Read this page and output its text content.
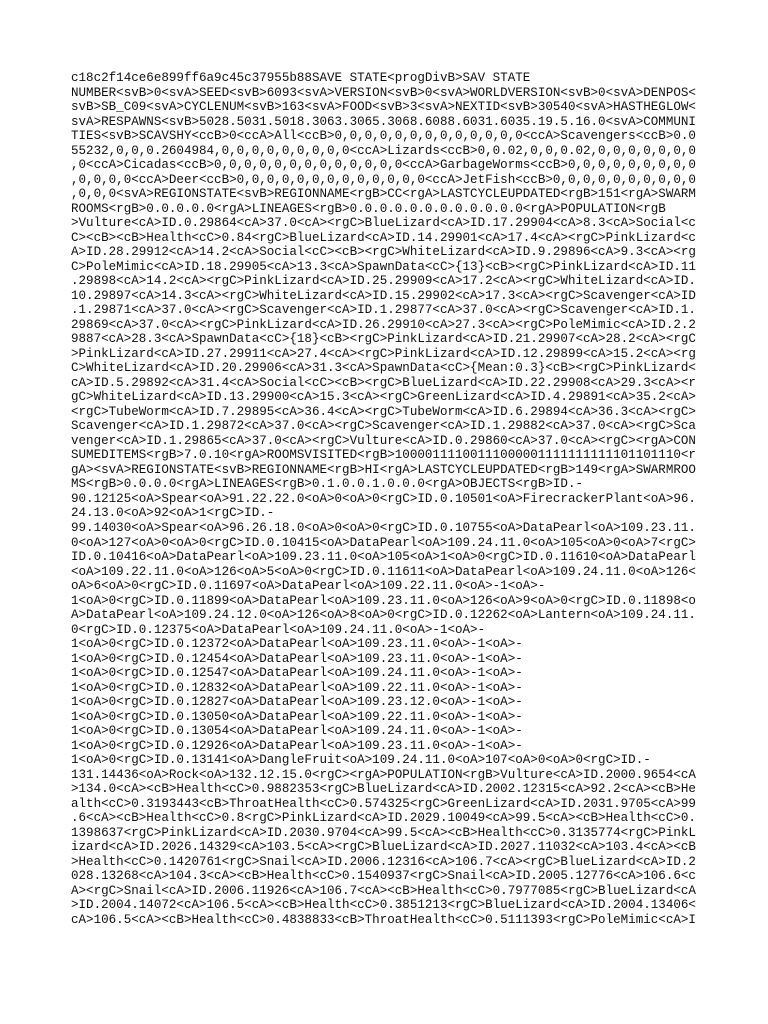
c18c2f14ce6e899ff6a9c45c37955b88SAVE STATE<progDivB>SAV STATE
NUMBER<svB>0<svA>SEED<svB>6093<svA>VERSION<svB>0<svA>WORLDVERSION<svB>0<svA>DENPOS<
svB>SB_C09<svA>CYCLENUM<svB>163<svA>FOOD<svB>3<svA>NEXTID<svB>30540<svA>HASTHEGLOW<
svA>RESPAWNS<svB>5028.5031.5018.3063.3065.3068.6088.6031.6035.19.5.16.0<svA>COMMUNI
TIES<svB>SCAVSHY<ccB>0<ccA>All<ccB>0,0,0,0,0,0,0,0,0,0,0,0,0<ccA>Scavengers<ccB>0.0
55232,0,0,0.2604984,0,0,0,0,0,0,0,0,0<ccA>Lizards<ccB>0,0.02,0,0,0.02,0,0,0,0,0,0,0
,0<ccA>Cicadas<ccB>0,0,0,0,0,0,0,0,0,0,0,0,0<ccA>GarbageWorms<ccB>0,0,0,0,0,0,0,0,0
,0,0,0,0<ccA>Deer<ccB>0,0,0,0,0,0,0,0,0,0,0,0,0<ccA>JetFish<ccB>0,0,0,0,0,0,0,0,0,0
,0,0,0<svA>REGIONSTATE<svB>REGIONNAME<rgB>CC<rgA>LASTCYCLEUPDATED<rgB>151<rgA>SWARM
ROOMS<rgB>0.0.0.0.0<rgA>LINEAGES<rgB>0.0.0.0.0.0.0.0.0.0.0.0<rgA>POPULATION<rgB
>Vulture<cA>ID.0.29864<cA>37.0<cA><rgC>BlueLizard<cA>ID.17.29904<cA>8.3<cA>Social<c
C><cB><cB>Health<cC>0.84<rgC>BlueLizard<cA>ID.14.29901<cA>17.4<cA><rgC>PinkLizard<c
A>ID.28.29912<cA>14.2<cA>Social<cC><cB><rgC>WhiteLizard<cA>ID.9.29896<cA>9.3<cA><rg
C>PoleMimic<cA>ID.18.29905<cA>13.3<cA>SpawnData<cC>{13}<cB><rgC>PinkLizard<cA>ID.11
.29898<cA>14.2<cA><rgC>PinkLizard<cA>ID.25.29909<cA>17.2<cA><rgC>WhiteLizard<cA>ID.
10.29897<cA>14.3<cA><rgC>WhiteLizard<cA>ID.15.29902<cA>17.3<cA><rgC>Scavenger<cA>ID
.1.29871<cA>37.0<cA><rgC>Scavenger<cA>ID.1.29877<cA>37.0<cA><rgC>Scavenger<cA>ID.1.
29869<cA>37.0<cA><rgC>PinkLizard<cA>ID.26.29910<cA>27.3<cA><rgC>PoleMimic<cA>ID.2.2
9887<cA>28.3<cA>SpawnData<cC>{18}<cB><rgC>PinkLizard<cA>ID.21.29907<cA>28.2<cA><rgC
>PinkLizard<cA>ID.27.29911<cA>27.4<cA><rgC>PinkLizard<cA>ID.12.29899<cA>15.2<cA><rg
C>WhiteLizard<cA>ID.20.29906<cA>31.3<cA>SpawnData<cC>{Mean:0.3}<cB><rgC>PinkLizard<
cA>ID.5.29892<cA>31.4<cA>Social<cC><cB><rgC>BlueLizard<cA>ID.22.29908<cA>29.3<cA><r
gC>WhiteLizard<cA>ID.13.29900<cA>15.3<cA><rgC>GreenLizard<cA>ID.4.29891<cA>35.2<cA>
<rgC>TubeWorm<cA>ID.7.29895<cA>36.4<cA><rgC>TubeWorm<cA>ID.6.29894<cA>36.3<cA><rgC>
Scavenger<cA>ID.1.29872<cA>37.0<cA><rgC>Scavenger<cA>ID.1.29882<cA>37.0<cA><rgC>Sca
venger<cA>ID.1.29865<cA>37.0<cA><rgC>Vulture<cA>ID.0.29860<cA>37.0<cA><rgC><rgA>CON
SUMEDITEMS<rgB>7.0.10<rgA>ROOMSVISITED<rgB>10000111100111000001111111111101101110<r
gA><svA>REGIONSTATE<svB>REGIONNAME<rgB>HI<rgA>LASTCYCLEUPDATED<rgB>149<rgA>SWARMROO
MS<rgB>0.0.0.0<rgA>LINEAGES<rgB>0.1.0.0.1.0.0.0<rgA>OBJECTS<rgB>ID.-
90.12125<oA>Spear<oA>91.22.22.0<oA>0<oA>0<rgC>ID.0.10501<oA>FirecrackerPlant<oA>96.
24.13.0<oA>92<oA>1<rgC>ID.-
99.14030<oA>Spear<oA>96.26.18.0<oA>0<oA>0<rgC>ID.0.10755<oA>DataPearl<oA>109.23.11.
0<oA>127<oA>0<oA>0<rgC>ID.0.10415<oA>DataPearl<oA>109.24.11.0<oA>105<oA>0<oA>7<rgC>
ID.0.10416<oA>DataPearl<oA>109.23.11.0<oA>105<oA>1<oA>0<rgC>ID.0.11610<oA>DataPearl
<oA>109.22.11.0<oA>126<oA>5<oA>0<rgC>ID.0.11611<oA>DataPearl<oA>109.24.11.0<oA>126<
oA>6<oA>0<rgC>ID.0.11697<oA>DataPearl<oA>109.22.11.0<oA>-1<oA>-
1<oA>0<rgC>ID.0.11899<oA>DataPearl<oA>109.23.11.0<oA>126<oA>9<oA>0<rgC>ID.0.11898<o
A>DataPearl<oA>109.24.12.0<oA>126<oA>8<oA>0<rgC>ID.0.12262<oA>Lantern<oA>109.24.11.
0<rgC>ID.0.12375<oA>DataPearl<oA>109.24.11.0<oA>-1<oA>-
1<oA>0<rgC>ID.0.12372<oA>DataPearl<oA>109.23.11.0<oA>-1<oA>-
1<oA>0<rgC>ID.0.12454<oA>DataPearl<oA>109.23.11.0<oA>-1<oA>-
1<oA>0<rgC>ID.0.12547<oA>DataPearl<oA>109.24.11.0<oA>-1<oA>-
1<oA>0<rgC>ID.0.12832<oA>DataPearl<oA>109.22.11.0<oA>-1<oA>-
1<oA>0<rgC>ID.0.12827<oA>DataPearl<oA>109.23.12.0<oA>-1<oA>-
1<oA>0<rgC>ID.0.13050<oA>DataPearl<oA>109.22.11.0<oA>-1<oA>-
1<oA>0<rgC>ID.0.13054<oA>DataPearl<oA>109.24.11.0<oA>-1<oA>-
1<oA>0<rgC>ID.0.12926<oA>DataPearl<oA>109.23.11.0<oA>-1<oA>-
1<oA>0<rgC>ID.0.13141<oA>DangleFruit<oA>109.24.11.0<oA>107<oA>0<oA>0<rgC>ID.-
131.14436<oA>Rock<oA>132.12.15.0<rgC><rgA>POPULATION<rgB>Vulture<cA>ID.2000.9654<cA
>134.0<cA><cB>Health<cC>0.9882353<rgC>BlueLizard<cA>ID.2002.12315<cA>92.2<cA><cB>He
alth<cC>0.3193443<cB>ThroatHealth<cC>0.574325<rgC>GreenLizard<cA>ID.2031.9705<cA>99
.6<cA><cB>Health<cC>0.8<rgC>PinkLizard<cA>ID.2029.10049<cA>99.5<cA><cB>Health<cC>0.
1398637<rgC>PinkLizard<cA>ID.2030.9704<cA>99.5<cA><cB>Health<cC>0.3135774<rgC>PinkL
izard<cA>ID.2026.14329<cA>103.5<cA><rgC>BlueLizard<cA>ID.2027.11032<cA>103.4<cA><cB
>Health<cC>0.1420761<rgC>Snail<cA>ID.2006.12316<cA>106.7<cA><rgC>BlueLizard<cA>ID.2
028.13268<cA>104.3<cA><cB>Health<cC>0.1540937<rgC>Snail<cA>ID.2005.12776<cA>106.6<c
A><rgC>Snail<cA>ID.2006.11926<cA>106.7<cA><cB>Health<cC>0.7977085<rgC>BlueLizard<cA
>ID.2004.14072<cA>106.5<cA><cB>Health<cC>0.3851213<rgC>BlueLizard<cA>ID.2004.13406<
cA>106.5<cA><cB>Health<cC>0.4838833<cB>ThroatHealth<cC>0.5111393<rgC>PoleMimic<cA>I
